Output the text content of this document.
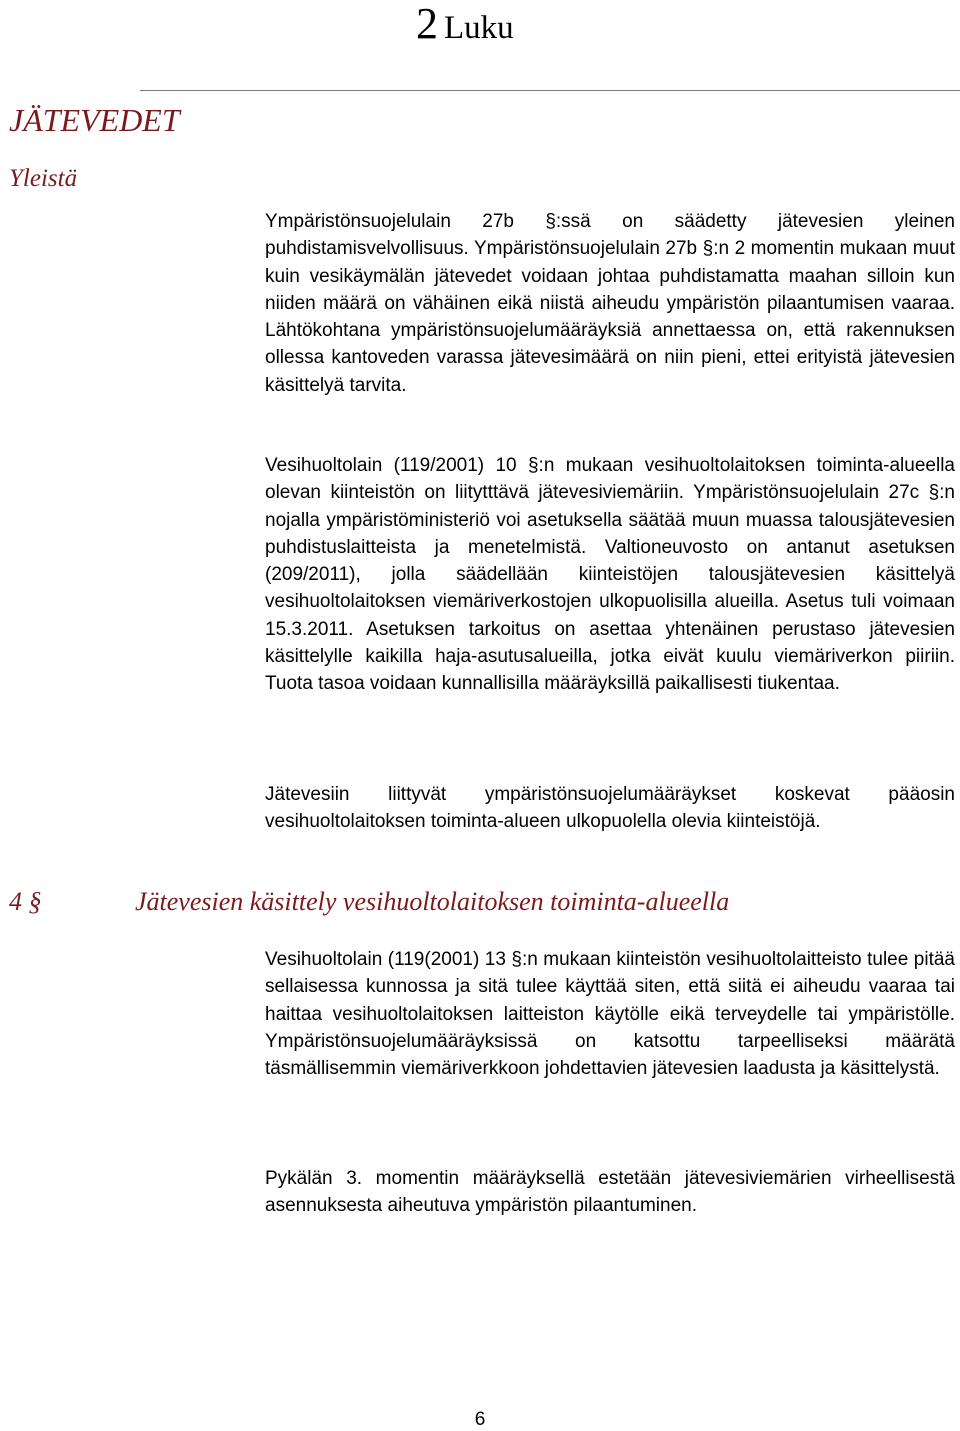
2 Luku
JÄTEVEDET
Yleistä

Ympäristönsuojelulain 27b §:ssä on säädetty jätevesien yleinen puhdistamisvelvollisuus. Ympäristönsuojelulain 27b §:n 2 momentin mukaan muut kuin vesikäymälän jätevedet voidaan johtaa puhdistamatta maahan silloin kun niiden määrä on vähäinen eikä niistä aiheudu ympäristön pilaantumisen vaaraa. Lähtökohtana ympäristönsuojelumääräyksiä annettaessa on, että rakennuksen ollessa kantoveden varassa jätevesimäärä on niin pieni, ettei erityistä jätevesien käsittelyä tarvita.

Vesihuoltolain (119/2001) 10 §:n mukaan vesihuoltolaitoksen toiminta-alueella olevan kiinteistön on liitytttävä jätevesiviemäriin. Ympäristönsuojelulain 27c §:n nojalla ympäristöministeriö voi asetuksella säätää muun muassa talousjätevesien puhdistuslaitteista ja menetelmistä. Valtioneuvosto on antanut asetuksen (209/2011), jolla säädellään kiinteistöjen talousjätevesien käsittelyä vesihuoltolaitoksen viemäriverkostojen ulkopuolisilla alueilla. Asetus tuli voimaan 15.3.2011. Asetuksen tarkoitus on asettaa yhtenäinen perustaso jätevesien käsittelylle kaikilla haja-asutusalueilla, jotka eivät kuulu viemäriverkon piiriin. Tuota tasoa voidaan kunnallisilla määräyksillä paikallisesti tiukentaa.

Jätevesiin liittyvät ympäristönsuojelumääräykset koskevat pääosin vesihuoltolaitoksen toiminta-alueen ulkopuolella olevia kiinteistöjä.

4 §	Jätevesien käsittely vesihuoltolaitoksen toiminta-alueella

Vesihuoltolain (119(2001) 13 §:n mukaan kiinteistön vesihuoltolaitteisto tulee pitää sellaisessa kunnossa ja sitä tulee käyttää siten, että siitä ei aiheudu vaaraa tai haittaa vesihuoltolaitoksen laitteiston käytölle eikä terveydelle tai ympäristölle. Ympäristönsuojelumääräyksissä on katsottu tarpeelliseksi määrätä täsmällisemmin viemäriverkkoon johdettavien jätevesien laadusta ja käsittelystä.

Pykälän 3. momentin määräyksellä estetään jätevesiviemärien virheellisestä asennuksesta aiheutuva ympäristön pilaantuminen.

6
